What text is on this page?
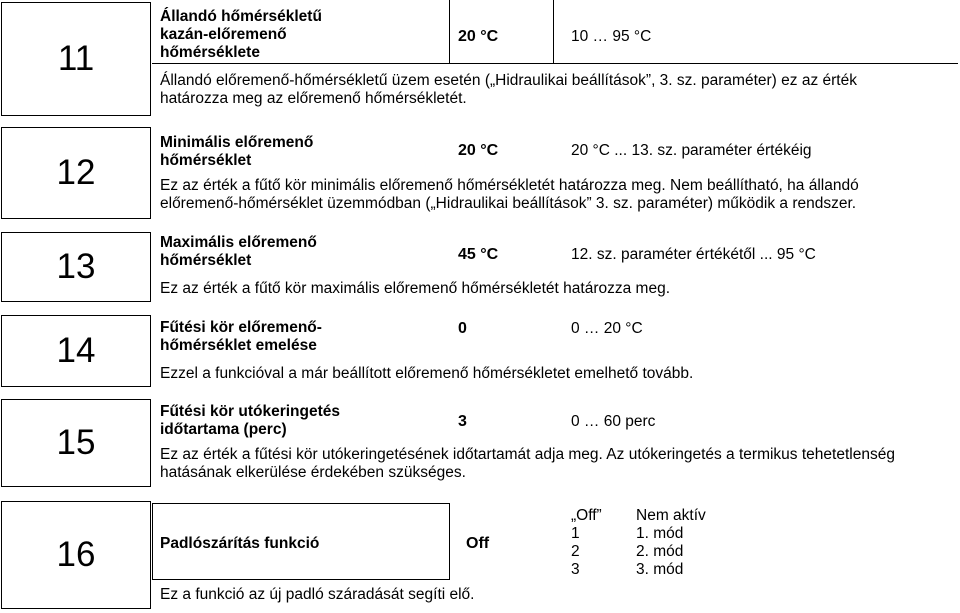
11
Állandó hőmérsékletű
kazán-előremenő
hőmérséklete
20 °C	10 … 95 °C
Állandó előremenő-hőmérsékletű üzem esetén („Hidraulikai beállítások”, 3. sz. paraméter) ez az érték
határozza meg az előremenő hőmérsékletét.
12
Minimális előremenő
hőmérséklet
20 °C	20 °C ... 13. sz. paraméter értékéig
Ez az érték a fűtő kör minimális előremenő hőmérsékletét határozza meg. Nem beállítható, ha állandó
előremenő-hőmérséklet üzemmódban („Hidraulikai beállítások” 3. sz. paraméter) működik a rendszer.
13
Maximális előremenő
hőmérséklet	45 °C	12. sz. paraméter értékétől ... 95 °C
Ez az érték a fűtő kör maximális előremenő hőmérsékletét határozza meg.
14
Fűtési kör előremenő-
hőmérséklet emelése
0	0 … 20 °C
Ezzel a funkcióval a már beállított előremenő hőmérsékletet emelhető tovább.
15
Fűtési kör utókeringetés
időtartama (perc)	3	0 … 60 perc
Ez az érték a fűtési kör utókeringetésének időtartamát adja meg. Az utókeringetés a termikus tehetetlenség
hatásának elkerülése érdekében szükséges.
16	Padlószárítás funkció	Off
„Off” Nem aktív
1	1. mód
2	2. mód
3	3. mód
Ez a funkció az új padló száradását segíti elő.
